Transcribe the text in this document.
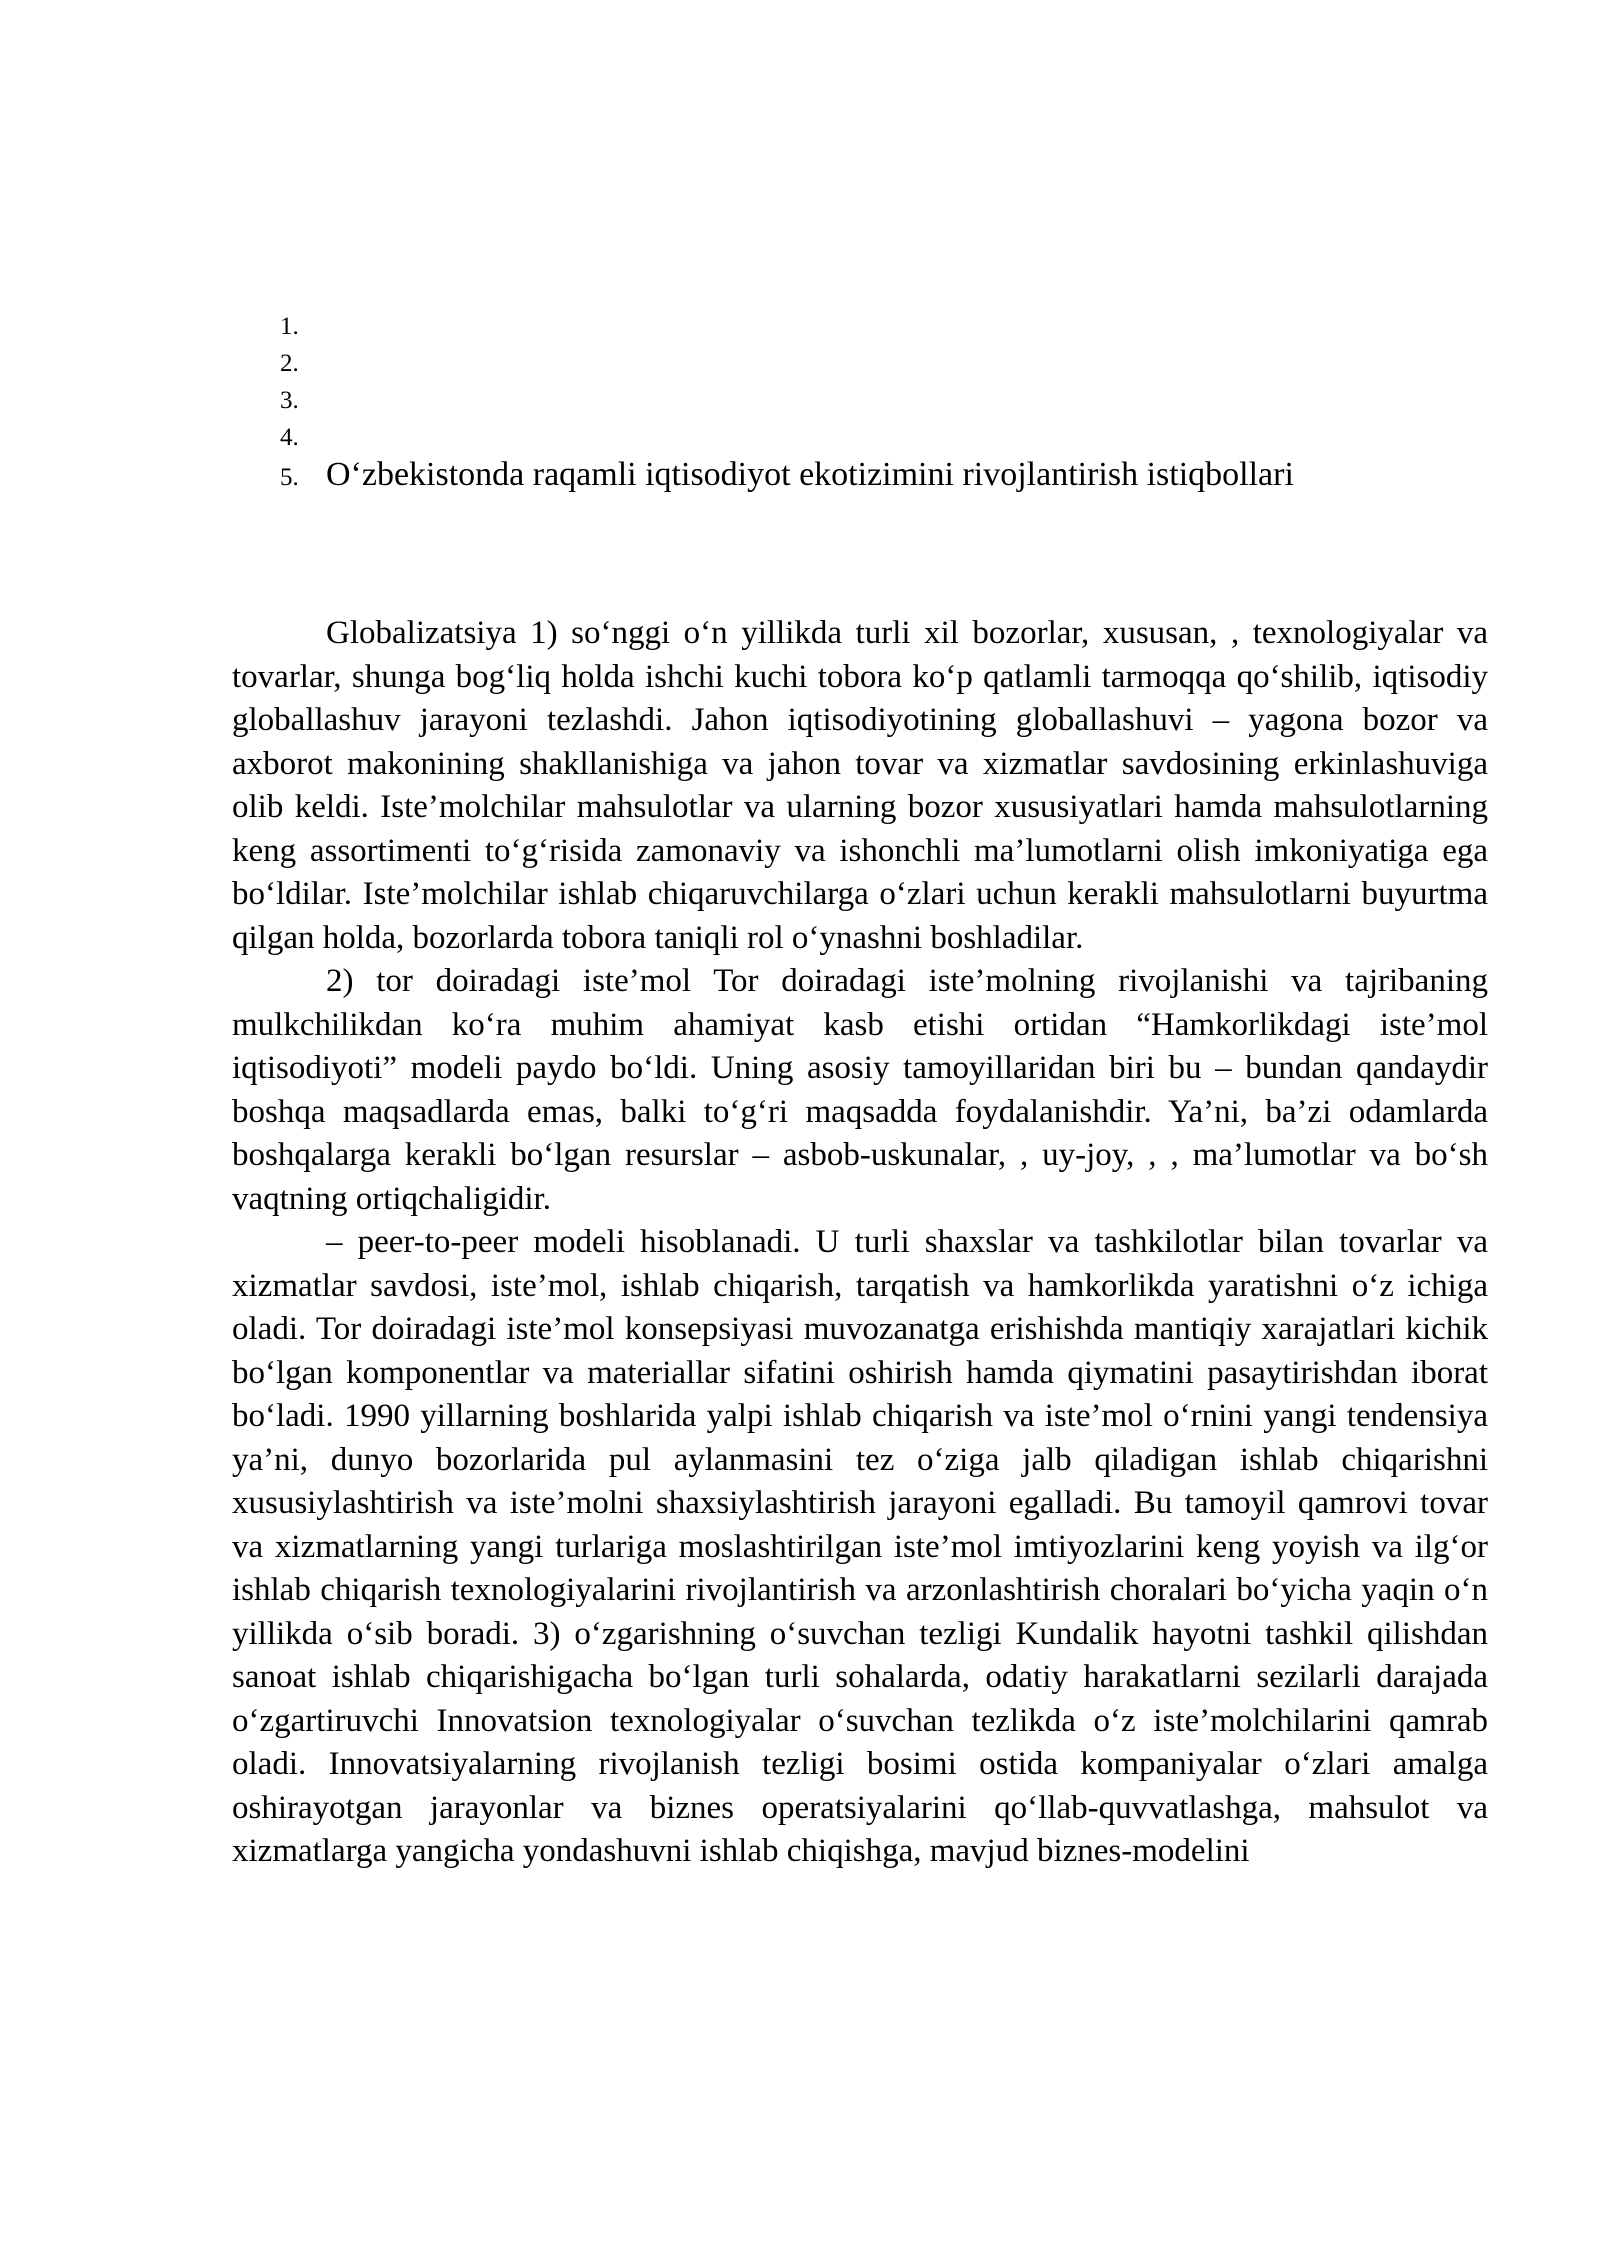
1.
2.
3.
4.
5. O‘zbekistonda raqamli iqtisodiyot ekotizimini rivojlantirish istiqbollari

Globalizatsiya 1) so‘nggi o‘n yillikda turli xil bozorlar, xususan, , texnologiyalar va tovarlar, shunga bog‘liq holda ishchi kuchi tobora ko‘p qatlamli tarmoqqa qo‘shilib, iqtisodiy globallashuv jarayoni tezlashdi. Jahon iqtisodiyotining globallashuvi – yagona bozor va axborot makonining shakllanishiga va jahon tovar va xizmatlar savdosining erkinlashuviga olib keldi. Iste’molchilar mahsulotlar va ularning bozor xususiyatlari hamda mahsulotlarning keng assortimenti to‘g‘risida zamonaviy va ishonchli ma’lumotlarni olish imkoniyatiga ega bo‘ldilar. Iste’molchilar ishlab chiqaruvchilarga o‘zlari uchun kerakli mahsulotlarni buyurtma qilgan holda, bozorlarda tobora taniqli rol o‘ynashni boshladilar.

2) tor doiradagi iste’mol Tor doiradagi iste’molning rivojlanishi va tajribaning mulkchilikdan ko‘ra muhim ahamiyat kasb etishi ortidan “Hamkorlikdagi iste’mol iqtisodiyoti” modeli paydo bo‘ldi. Uning asosiy tamoyillaridan biri bu – bundan qandaydir boshqa maqsadlarda emas, balki to‘g‘ri maqsadda foydalanishdir. Ya’ni, ba’zi odamlarda boshqalarga kerakli bo‘lgan resurslar – asbob-uskunalar, , uy-joy, , , ma’lumotlar va bo‘sh vaqtning ortiqchaligidir.

– peer-to-peer modeli hisoblanadi. U turli shaxslar va tashkilotlar bilan tovarlar va xizmatlar savdosi, iste’mol, ishlab chiqarish, tarqatish va hamkorlikda yaratishni o‘z ichiga oladi. Tor doiradagi iste’mol konsepsiyasi muvozanatga erishishda mantiqiy xarajatlari kichik bo‘lgan komponentlar va materiallar sifatini oshirish hamda qiymatini pasaytirishdan iborat bo‘ladi. 1990 yillarning boshlarida yalpi ishlab chiqarish va iste’mol o‘rnini yangi tendensiya ya’ni, dunyo bozorlarida pul aylanmasini tez o‘ziga jalb qiladigan ishlab chiqarishni xususiylashtirish va iste’molni shaxsiylashtirish jarayoni egalladi. Bu tamoyil qamrovi tovar va xizmatlarning yangi turlariga moslashtirilgan iste’mol imtiyozlarini keng yoyish va ilg‘or ishlab chiqarish texnologiyalarini rivojlantirish va arzonlashtirish choralari bo‘yicha yaqin o‘n yillikda o‘sib boradi. 3) o‘zgarishning o‘suvchan tezligi Kundalik hayotni tashkil qilishdan sanoat ishlab chiqarishigacha bo‘lgan turli sohalarda, odatiy harakatlarni sezilarli darajada o‘zgartiruvchi Innovatsion texnologiyalar o‘suvchan tezlikda o‘z iste’molchilarini qamrab oladi. Innovatsiyalarning rivojlanish tezligi bosimi ostida kompaniyalar o‘zlari amalga oshirayotgan jarayonlar va biznes operatsiyalarini qo‘llab-quvvatlashga, mahsulot va xizmatlarga yangicha yondashuvni ishlab chiqishga, mavjud biznes-modelini
